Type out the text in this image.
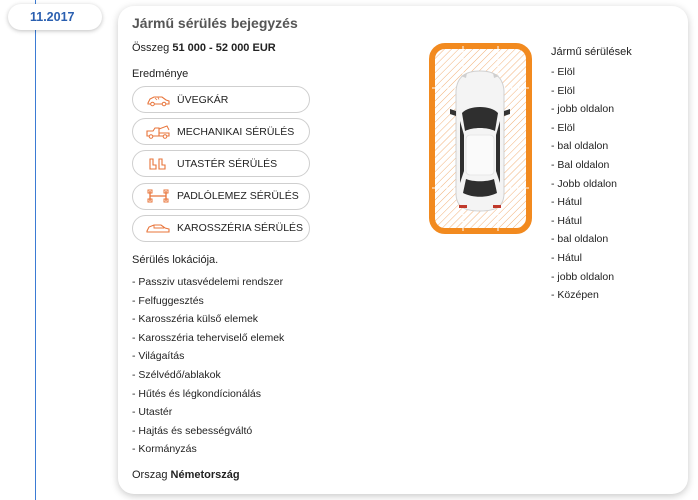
11.2017	Jármű sérülés bejegyzés
Összeg 51 000 - 52 000 EUR
Eredménye
ÜVEGKÁR
MECHANIKAI SÉRÜLÉS
UTASTÉR SÉRÜLÉS
PADLÓLEMEZ SÉRÜLÉS
KAROSSZÉRIA SÉRÜLÉS
Sérülés lokációja.
- Passziv utasvédelemi rendszer
- Felfuggesztés
- Karosszéria külső elemek
- Karosszéria teherviselő elemek
- Világaítás
- Szélvédő/ablakok
- Hűtés és légkondícionálás
- Utastér
- Hajtás és sebességváltó
- Kormányzás
Orszag Németország
Jármű sérülések
- Elöl
- Elöl
- jobb oldalon
- Elöl
- bal oldalon
- Bal oldalon
- Jobb oldalon
- Hátul
- Hátul
- bal oldalon
- Hátul
- jobb oldalon
- Középen
